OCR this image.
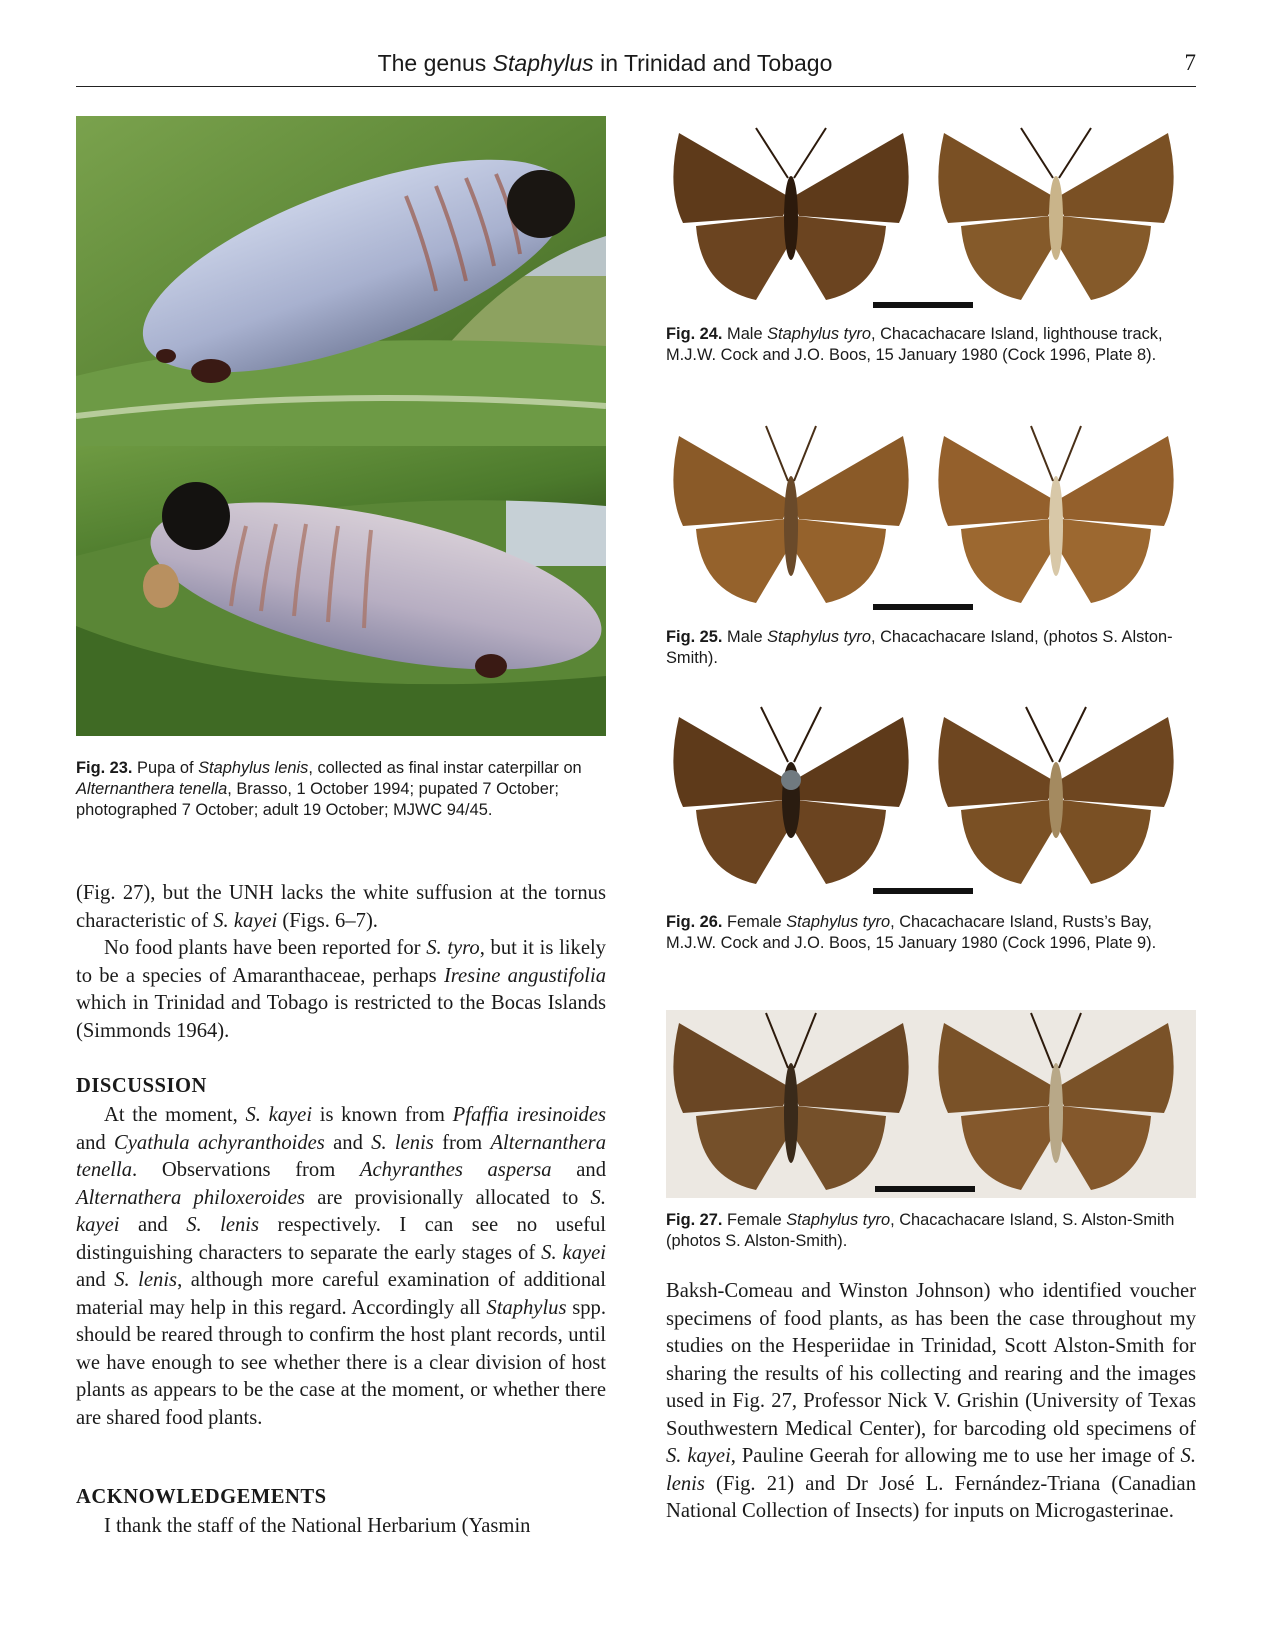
The genus Staphylus in Trinidad and Tobago	7
Fig. 23. Pupa of Staphylus lenis, collected as final instar caterpillar on Alternanthera tenella, Brasso, 1 October 1994; pupated 7 October; photographed 7 October; adult 19 October; MJWC 94/45.

(Fig. 27), but the UNH lacks the white suffusion at the tornus characteristic of S. kayei (Figs. 6–7).

No food plants have been reported for S. tyro, but it is likely to be a species of Amaranthaceae, perhaps Iresine angustifolia which in Trinidad and Tobago is restricted to the Bocas Islands (Simmonds 1964).

DISCUSSION

At the moment, S. kayei is known from Pfaffia iresinoides and Cyathula achyranthoides and S. lenis from Alternanthera tenella. Observations from Achyranthes aspersa and Alternathera philoxeroides are provisionally allocated to S. kayei and S. lenis respectively. I can see no useful distinguishing characters to separate the early stages of S. kayei and S. lenis, although more careful examination of additional material may help in this regard. Accordingly all Staphylus spp. should be reared through to confirm the host plant records, until we have enough to see whether there is a clear division of host plants as appears to be the case at the moment, or whether there are shared food plants.

ACKNOWLEDGEMENTS

I thank the staff of the National Herbarium (Yasmin

Fig. 24. Male Staphylus tyro, Chacachacare Island, lighthouse track, M.J.W. Cock and J.O. Boos, 15 January 1980 (Cock 1996, Plate 8).
Fig. 25. Male Staphylus tyro, Chacachacare Island, (photos S. Alston-Smith).
Fig. 26. Female Staphylus tyro, Chacachacare Island, Rusts’s Bay, M.J.W. Cock and J.O. Boos, 15 January 1980 (Cock 1996, Plate 9).
Fig. 27. Female Staphylus tyro, Chacachacare Island, S. Alston-Smith (photos S. Alston-Smith).

Baksh-Comeau and Winston Johnson) who identified voucher specimens of food plants, as has been the case throughout my studies on the Hesperiidae in Trinidad, Scott Alston-Smith for sharing the results of his collecting and rearing and the images used in Fig. 27, Professor Nick V. Grishin (University of Texas Southwestern Medical Center), for barcoding old specimens of S. kayei, Pauline Geerah for allowing me to use her image of S. lenis (Fig. 21) and Dr José L. Fernández-Triana (Canadian National Collection of Insects) for inputs on Microgasterinae.
